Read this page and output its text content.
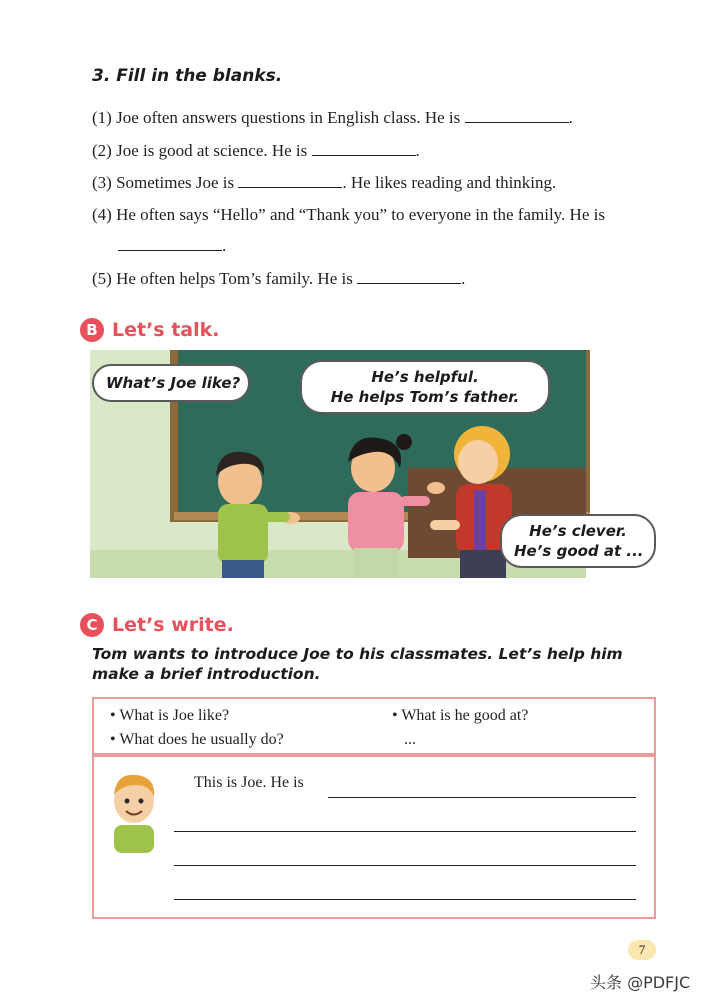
3. Fill in the blanks.
(1) Joe often answers questions in English class. He is	.
(2) Joe is good at science. He is	.
(3) Sometimes Joe is	. He likes reading and thinking.
(4) He often says “Hello” and “Thank you” to everyone in the family. He is
.
(5) He often helps Tom’s family. He is	.
B Let’s talk.
What’s Joe like?	He’s helpful.
He helps Tom’s father.
He’s clever.
He’s good at ...
C Let’s write.
Tom wants to introduce Joe to his classmates. Let’s help him
make a brief introduction.
• What is Joe like?
• What does he usually do?
• What is he good at?
...
This is Joe. He is
7
头条 @PDFJC
